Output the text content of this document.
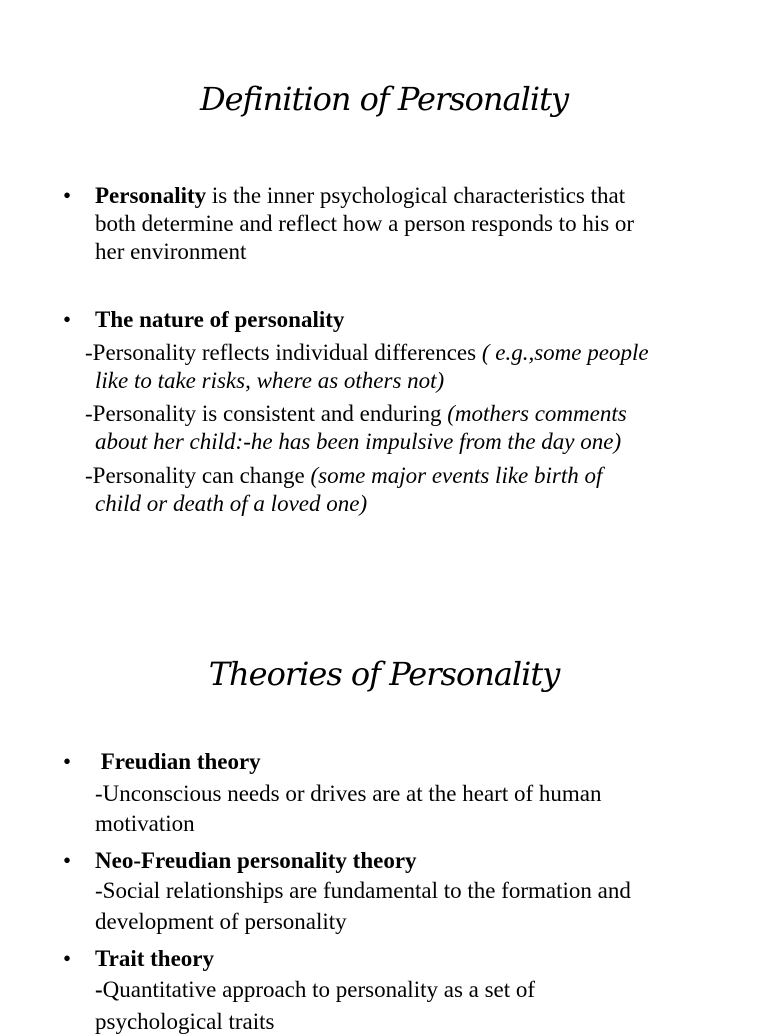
Definition of Personality
• Personality is the inner psychological characteristics that
both determine and reflect how a person responds to his or
her environment
• The nature of personality
-Personality reflects individual differences ( e.g.,some people
like to take risks, where as others not)
-Personality is consistent and enduring (mothers comments
about her child:-he has been impulsive from the day one)
-Personality can change (some major events like birth of
child or death of a loved one)
Theories of Personality
• Freudian theory
-Unconscious needs or drives are at the heart of human
motivation
• Neo-Freudian personality theory
-Social relationships are fundamental to the formation and
development of personality
• Trait theory
-Quantitative approach to personality as a set of
psychological traits
